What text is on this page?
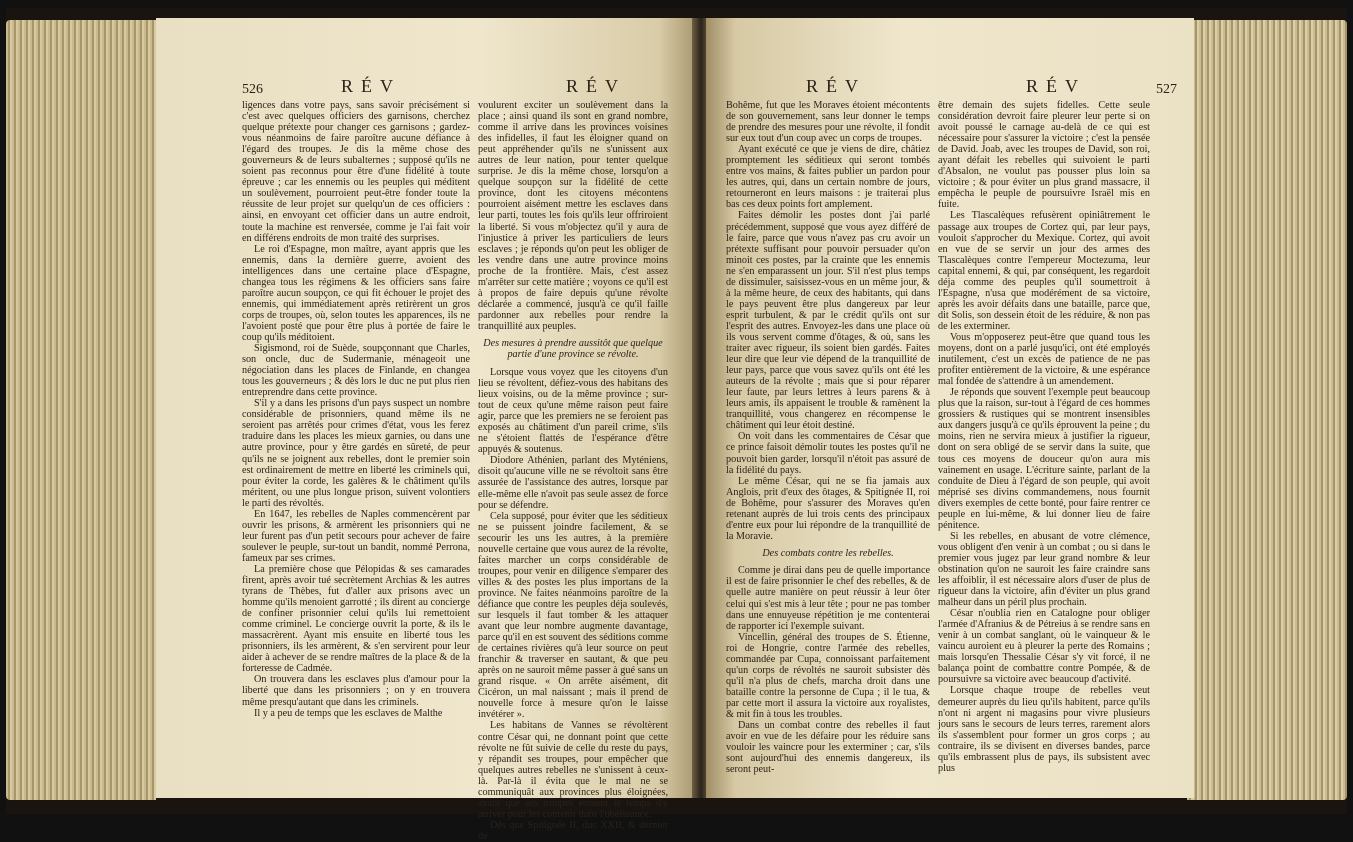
526	RÉV	RÉV

ligences dans votre pays, sans savoir précisément si c'est avec quelques officiers des garnisons, cherchez quelque prétexte pour changer ces garnisons ; gardez-vous néanmoins de faire paroître aucune défiance à l'égard des troupes. Je dis la même chose des gouverneurs & de leurs subalternes ; supposé qu'ils ne soient pas reconnus pour être d'une fidélité à toute épreuve ; car les ennemis ou les peuples qui méditent un soulèvement, pourroient peut-être fonder toute la réussite de leur projet sur quelqu'un de ces officiers : ainsi, en envoyant cet officier dans un autre endroit, toute la machine est renversée, comme je l'ai fait voir en différens endroits de mon traité des surprises.

Le roi d'Espagne, mon maître, ayant appris que les ennemis, dans la dernière guerre, avoient des intelligences dans une certaine place d'Espagne, changea tous les régimens & les officiers sans faire paroître aucun soupçon, ce qui fit échouer le projet des ennemis, qui immédiatement après retirèrent un gros corps de troupes, où, selon toutes les apparences, ils ne l'avoient posté que pour être plus à portée de faire le coup qu'ils méditoient.

Sigismond, roi de Suède, soupçonnant que Charles, son oncle, duc de Sudermanie, ménageoit une négociation dans les places de Finlande, en changea tous les gouverneurs ; & dès lors le duc ne put plus rien entreprendre dans cette province.

S'il y a dans les prisons d'un pays suspect un nombre considérable de prisonniers, quand même ils ne seroient pas arrêtés pour crimes d'état, vous les ferez traduire dans les places les mieux garnies, ou dans une autre province, pour y être gardés en sûreté, de peur qu'ils ne se joignent aux rebelles, dont le premier soin est ordinairement de mettre en liberté les criminels qui, pour éviter la corde, les galères & le châtiment qu'ils méritent, ou une plus longue prison, suivent volontiers le parti des révoltés.

En 1647, les rebelles de Naples commencèrent par ouvrir les prisons, & armèrent les prisonniers qui ne leur furent pas d'un petit secours pour achever de faire soulever le peuple, sur-tout un bandit, nommé Perrona, fameux par ses crimes.

La première chose que Pélopidas & ses camarades firent, après avoir tué secrètement Archias & les autres tyrans de Thèbes, fut d'aller aux prisons avec un homme qu'ils menoient garrotté ; ils dirent au concierge de confiner prisonnier celui qu'ils lui remettoient comme criminel. Le concierge ouvrit la porte, & ils le massacrèrent. Ayant mis ensuite en liberté tous les prisonniers, ils les armèrent, & s'en servirent pour leur aider à achever de se rendre maîtres de la place & de la forteresse de Cadmée.

On trouvera dans les esclaves plus d'amour pour la liberté que dans les prisonniers ; on y en trouvera même presqu'autant que dans les criminels.

Il y a peu de temps que les esclaves de Malthe

voulurent exciter un soulèvement dans la place ; ainsi quand ils sont en grand nombre, comme il arrive dans les provinces voisines des infidelles, il faut les éloigner quand on peut appréhender qu'ils ne s'unissent aux autres de leur nation, pour tenter quelque surprise. Je dis la même chose, lorsqu'on a quelque soupçon sur la fidélité de cette province, dont les citoyens mécontens pourroient aisément mettre les esclaves dans leur parti, toutes les fois qu'ils leur offriroient la liberté. Si vous m'objectez qu'il y aura de l'injustice à priver les particuliers de leurs esclaves ; je réponds qu'on peut les obliger de les vendre dans une autre province moins proche de la frontière. Mais, c'est assez m'arrêter sur cette matière ; voyons ce qu'il est à propos de faire depuis qu'une révolte déclarée a commencé, jusqu'à ce qu'il faille pardonner aux rebelles pour rendre la tranquillité aux peuples.

Des mesures à prendre aussitôt que quelque partie d'une province se révolte.

Lorsque vous voyez que les citoyens d'un lieu se révoltent, défiez-vous des habitans des lieux voisins, ou de la même province ; sur-tout de ceux qu'une même raison peut faire agir, parce que les premiers ne se feroient pas exposés au châtiment d'un pareil crime, s'ils ne s'étoient flattés de l'espérance d'être appuyés & soutenus.

Diodore Athénien, parlant des Myténiens, disoit qu'aucune ville ne se révoltoit sans être assurée de l'assistance des autres, lorsque par elle-même elle n'avoit pas seule assez de force pour se défendre.

Cela supposé, pour éviter que les séditieux ne se puissent joindre facilement, & se secourir les uns les autres, à la première nouvelle certaine que vous aurez de la révolte, faites marcher un corps considérable de troupes, pour venir en diligence s'emparer des villes & des postes les plus importans de la province. Ne faites néanmoins paroître de la défiance que contre les peuples déja soulevés, sur lesquels il faut tomber & les attaquer avant que leur nombre augmente davantage, parce qu'il en est souvent des séditions comme de certaines rivières qu'à leur source on peut franchir & traverser en sautant, & que peu après on ne sauroit même passer à gué sans un grand risque. « On arrête aisément, dit Cicéron, un mal naissant ; mais il prend de nouvelle force à mesure qu'on le laisse invétérer ».

Les habitans de Vannes se révoltèrent contre César qui, ne donnant point que cette révolte ne fût suivie de celle du reste du pays, y répandit ses troupes, pour empêcher que quelques autres rebelles ne s'unissent à ceux-là. Par-là il évita que le mal ne se communiquât aux provinces plus éloignées, avant que ses troupes eussent le temps d'y arriver pour les contenir dans l'obéissance.

Dès que Spitignée II, duc XXII, & dernier de

RÉV	RÉV	527

Bohême, fut que les Moraves étoient mécontents de son gouvernement, sans leur donner le temps de prendre des mesures pour une révolte, il fondit sur eux tout d'un coup avec un corps de troupes.

Ayant exécuté ce que je viens de dire, châtiez promptement les séditieux qui seront tombés entre vos mains, & faites publier un pardon pour les autres, qui, dans un certain nombre de jours, retourneront en leurs maisons : je traiterai plus bas ces deux points fort amplement.

Faites démolir les postes dont j'ai parlé précédemment, supposé que vous ayez différé de le faire, parce que vous n'avez pas cru avoir un prétexte suffisant pour pouvoir persuader qu'on minoit ces postes, par la crainte que les ennemis ne s'en emparassent un jour. S'il n'est plus temps de dissimuler, saisissez-vous en un même jour, & à la même heure, de ceux des habitants, qui dans le pays peuvent être plus dangereux par leur esprit turbulent, & par le crédit qu'ils ont sur l'esprit des autres. Envoyez-les dans une place où ils vous servent comme d'ôtages, & où, sans les traiter avec rigueur, ils soient bien gardés. Faites leur dire que leur vie dépend de la tranquillité de leur pays, parce que vous savez qu'ils ont été les auteurs de la révolte ; mais que si pour réparer leur faute, par leurs lettres à leurs parens & à leurs amis, ils appaisent le trouble & ramènent la tranquillité, vous changerez en récompense le châtiment qui leur étoit destiné.

On voit dans les commentaires de César que ce prince faisoit démolir toutes les postes qu'il ne pouvoit bien garder, lorsqu'il n'étoit pas assuré de la fidélité du pays.

Le même César, qui ne se fia jamais aux Anglois, prit d'eux des ôtages, & Spitignée II, roi de Bohême, pour s'assurer des Moraves qu'en retenant auprès de lui trois cents des principaux d'entre eux pour lui répondre de la tranquillité de la Moravie.

Des combats contre les rebelles.

Comme je dirai dans peu de quelle importance il est de faire prisonnier le chef des rebelles, & de quelle autre manière on peut réussir à leur ôter celui qui s'est mis à leur tête ; pour ne pas tomber dans une ennuyeuse répétition je me contenterai de rapporter ici l'exemple suivant.

Vincellin, général des troupes de S. Étienne, roi de Hongrie, contre l'armée des rebelles, commandée par Cupa, connoissant parfaitement qu'un corps de révoltés ne sauroit subsister dès qu'il n'a plus de chefs, marcha droit dans une bataille contre la personne de Cupa ; il le tua, & par cette mort il assura la victoire aux royalistes, & mit fin à tous les troubles.

Dans un combat contre des rebelles il faut avoir en vue de les défaire pour les réduire sans vouloir les vaincre pour les exterminer ; car, s'ils sont aujourd'hui des ennemis dangereux, ils seront peut-

être demain des sujets fidelles. Cette seule considération devroit faire pleurer leur perte si on avoit poussé le carnage au-delà de ce qui est nécessaire pour s'assurer la victoire ; c'est la pensée de David. Joab, avec les troupes de David, son roi, ayant défait les rebelles qui suivoient le parti d'Absalon, ne voulut pas pousser plus loin sa victoire ; & pour éviter un plus grand massacre, il empêcha le peuple de poursuivre Israël mis en fuite.

Les Tlascalèques refusèrent opiniâtrement le passage aux troupes de Cortez qui, par leur pays, vouloit s'approcher du Mexique. Cortez, qui avoit en vue de se servir un jour des armes des Tlascalèques contre l'empereur Moctezuma, leur capital ennemi, & qui, par conséquent, les regardoit déja comme des peuples qu'il soumettroit à l'Espagne, n'usa que modérément de sa victoire, après les avoir défaits dans une bataille, parce que, dit Solis, son dessein étoit de les réduire, & non pas de les exterminer.

Vous m'opposerez peut-être que quand tous les moyens, dont on a parlé jusqu'ici, ont été employés inutilement, c'est un excès de patience de ne pas profiter entièrement de la victoire, & une espérance mal fondée de s'attendre à un amendement.

Je réponds que souvent l'exemple peut beaucoup plus que la raison, sur-tout à l'égard de ces hommes grossiers & rustiques qui se montrent insensibles aux dangers jusqu'à ce qu'ils éprouvent la peine ; du moins, rien ne servira mieux à justifier la rigueur, dont on sera obligé de se servir dans la suite, que tous ces moyens de douceur qu'on aura mis vainement en usage. L'écriture sainte, parlant de la conduite de Dieu à l'égard de son peuple, qui avoit méprisé ses divins commandemens, nous fournit divers exemples de cette bonté, pour faire rentrer ce peuple en lui-même, & lui donner lieu de faire pénitence.

Si les rebelles, en abusant de votre clémence, vous obligent d'en venir à un combat ; ou si dans le premier vous jugez par leur grand nombre & leur obstination qu'on ne sauroit les faire craindre sans les affoiblir, il est nécessaire alors d'user de plus de rigueur dans la victoire, afin d'éviter un plus grand malheur dans un péril plus prochain.

César n'oublia rien en Catalogne pour obliger l'armée d'Afranius & de Pétreius à se rendre sans en venir à un combat sanglant, où le vainqueur & le vaincu auroient eu à pleurer la perte des Romains ; mais lorsqu'en Thessalie César s'y vit forcé, il ne balança point de combattre contre Pompée, & de poursuivre sa victoire avec beaucoup d'activité.

Lorsque chaque troupe de rebelles veut demeurer auprès du lieu qu'ils habitent, parce qu'ils n'ont ni argent ni magasins pour vivre plusieurs jours sans le secours de leurs terres, rarement alors ils s'assemblent pour former un gros corps ; au contraire, ils se divisent en diverses bandes, parce qu'ils embrassent plus de pays, ils subsistent avec plus
